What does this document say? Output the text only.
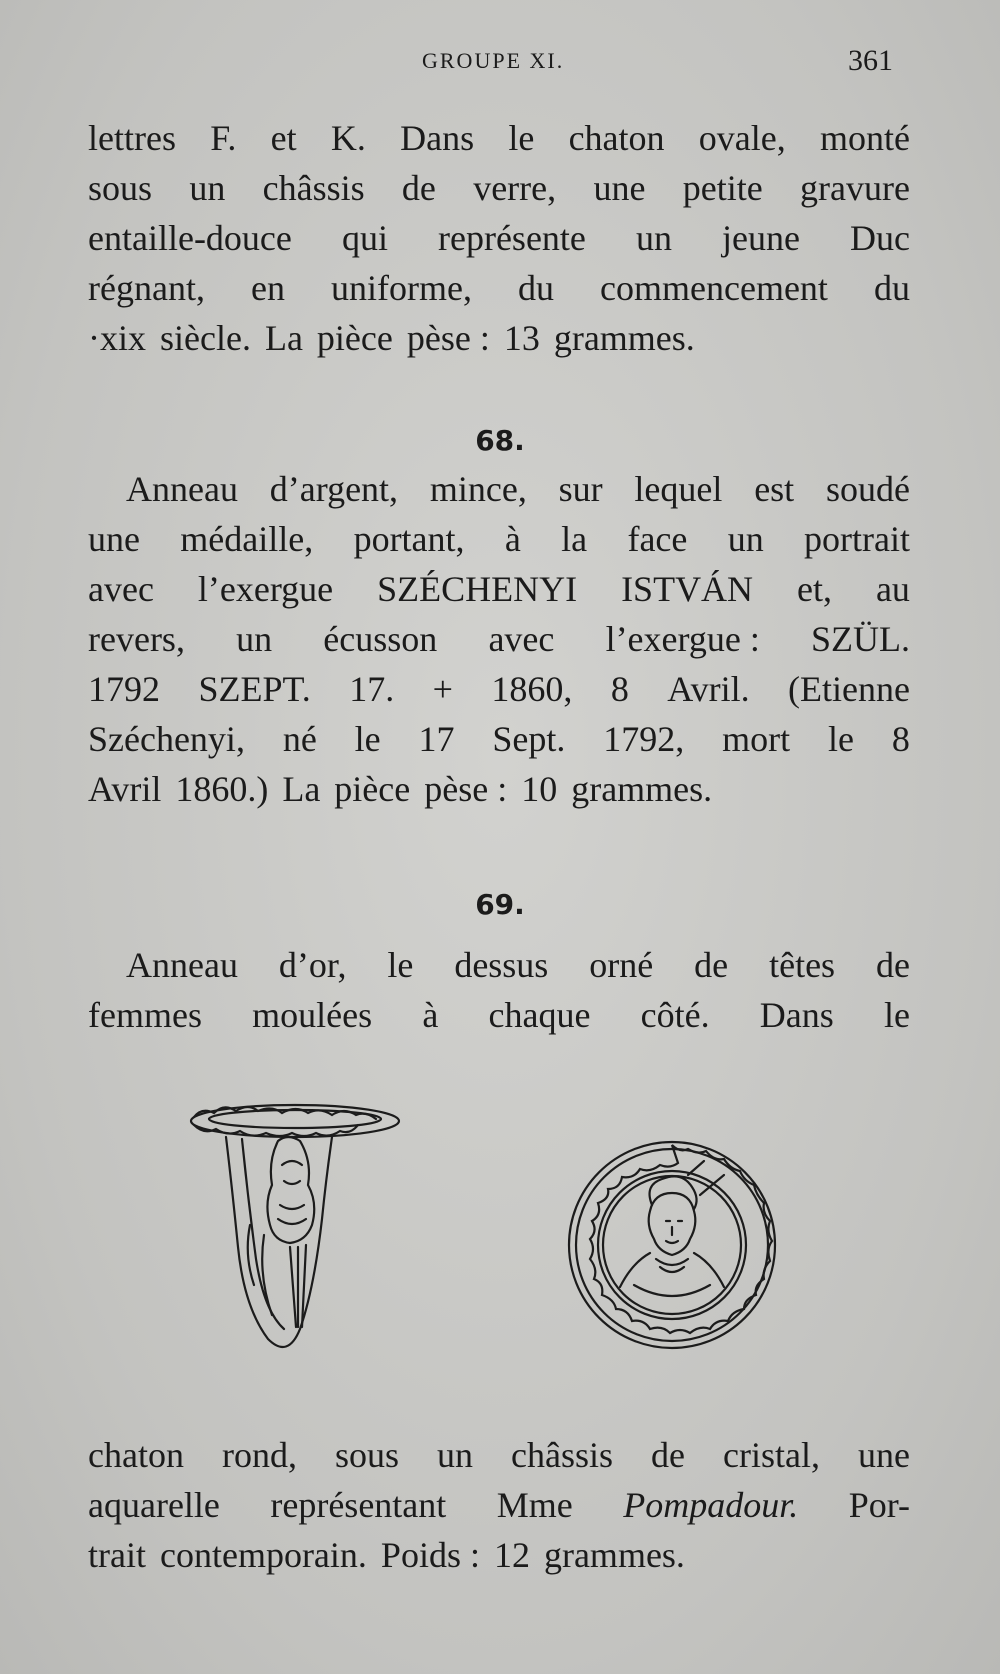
GROUPE XI.	361
lettres F. et K. Dans le chaton ovale, monté
sous un châssis de verre, une petite gravure
entaille-douce qui représente un jeune Duc
régnant, en uniforme, du commencement du
·xix siècle. La pièce pèse : 13 grammes.
68.
Anneau d’argent, mince, sur lequel est soudé
une médaille, portant, à la face un portrait
avec l’exergue SZÉCHENYI ISTVÁN et, au
revers, un écusson avec l’exergue : SZÜL.
1792 SZEPT. 17. + 1860, 8 Avril. (Etienne
Széchenyi, né le 17 Sept. 1792, mort le 8
Avril 1860.) La pièce pèse : 10 grammes.
69.
Anneau d’or, le dessus orné de têtes de
femmes moulées à chaque côté. Dans le
chaton rond, sous un châssis de cristal, une
aquarelle représentant Mme Pompadour. Por-
trait contemporain. Poids : 12 grammes.
